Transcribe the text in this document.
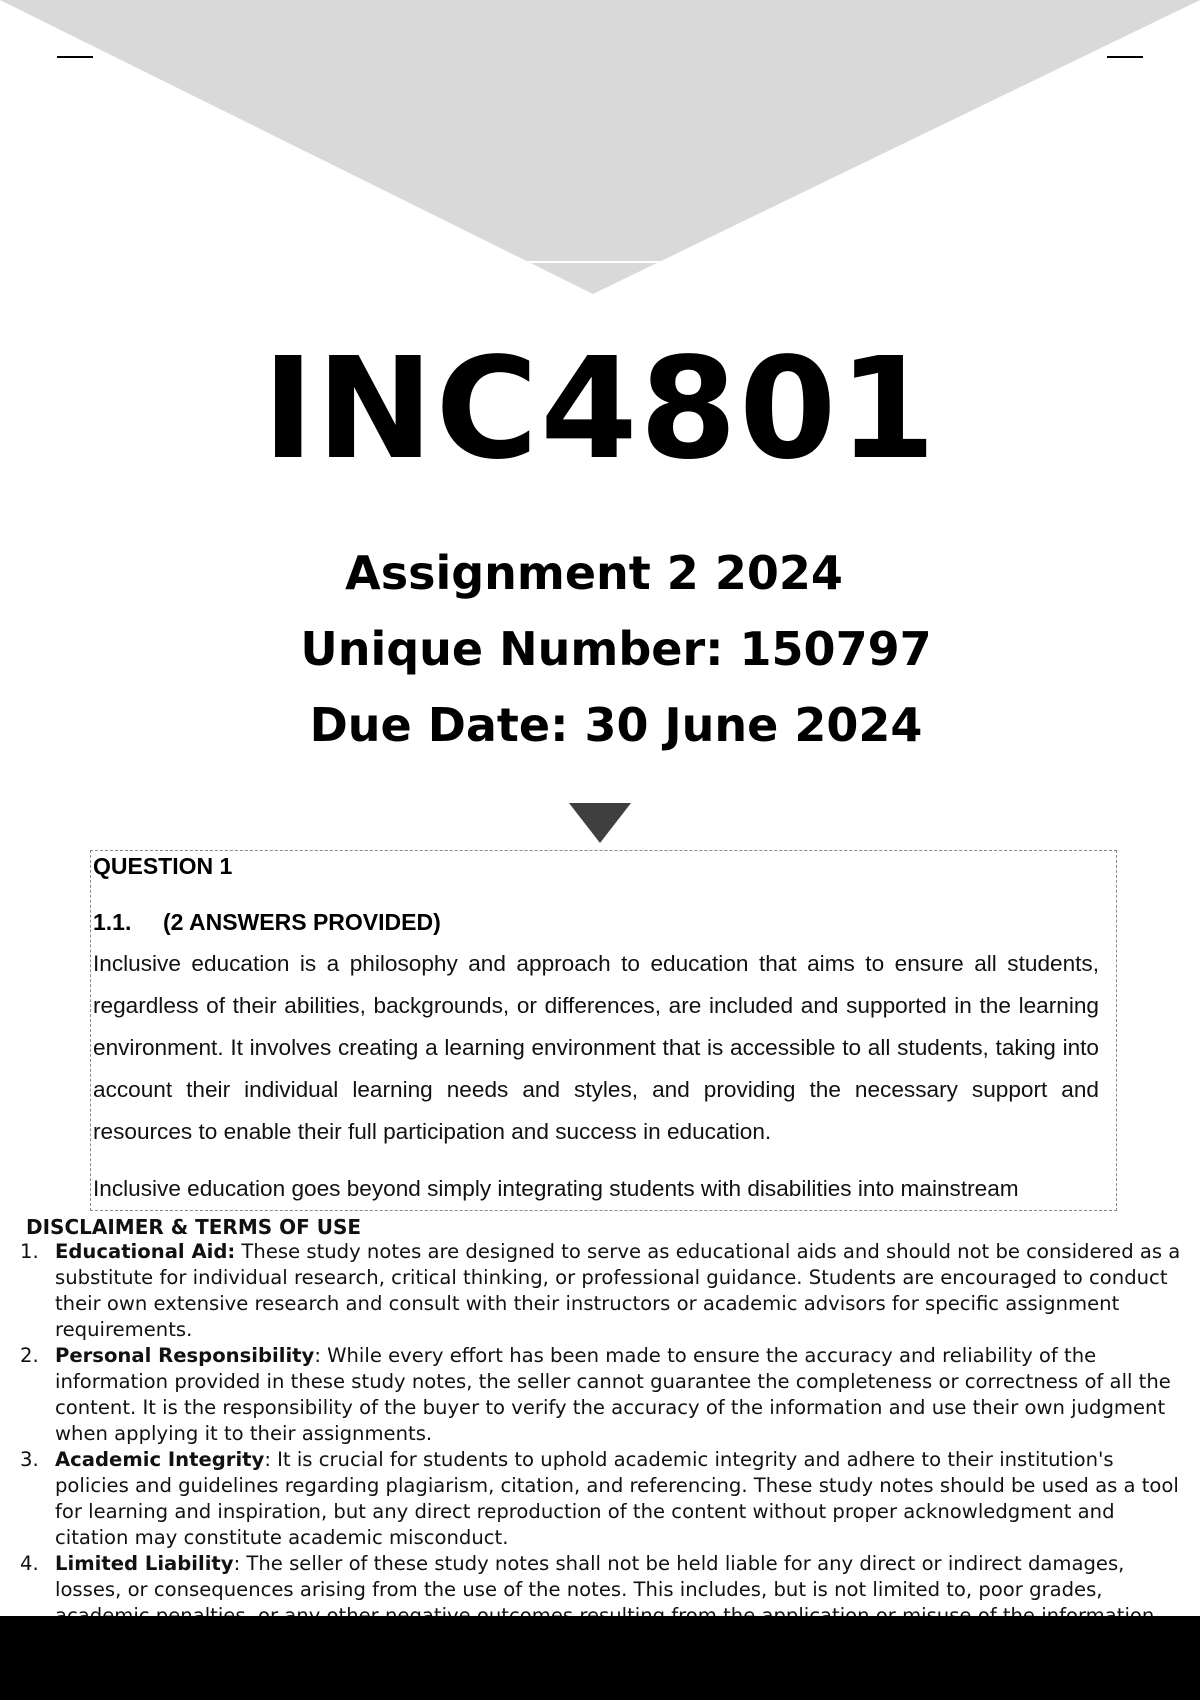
INC4801
Assignment 2 2024
Unique Number: 150797
Due Date: 30 June 2024
QUESTION 1
1.1. (2 ANSWERS PROVIDED)
Inclusive education is a philosophy and approach to education that aims to ensure all students, regardless of their abilities, backgrounds, or differences, are included and supported in the learning environment. It involves creating a learning environment that is accessible to all students, taking into account their individual learning needs and styles, and providing the necessary support and resources to enable their full participation and success in education.
Inclusive education goes beyond simply integrating students with disabilities into mainstream
DISCLAIMER & TERMS OF USE
1. Educational Aid: These study notes are designed to serve as educational aids and should not be considered as a substitute for individual research, critical thinking, or professional guidance. Students are encouraged to conduct their own extensive research and consult with their instructors or academic advisors for specific assignment requirements.
2. Personal Responsibility: While every effort has been made to ensure the accuracy and reliability of the information provided in these study notes, the seller cannot guarantee the completeness or correctness of all the content. It is the responsibility of the buyer to verify the accuracy of the information and use their own judgment when applying it to their assignments.
3. Academic Integrity: It is crucial for students to uphold academic integrity and adhere to their institution's policies and guidelines regarding plagiarism, citation, and referencing. These study notes should be used as a tool for learning and inspiration, but any direct reproduction of the content without proper acknowledgment and citation may constitute academic misconduct.
4. Limited Liability: The seller of these study notes shall not be held liable for any direct or indirect damages, losses, or consequences arising from the use of the notes. This includes, but is not limited to, poor grades,
